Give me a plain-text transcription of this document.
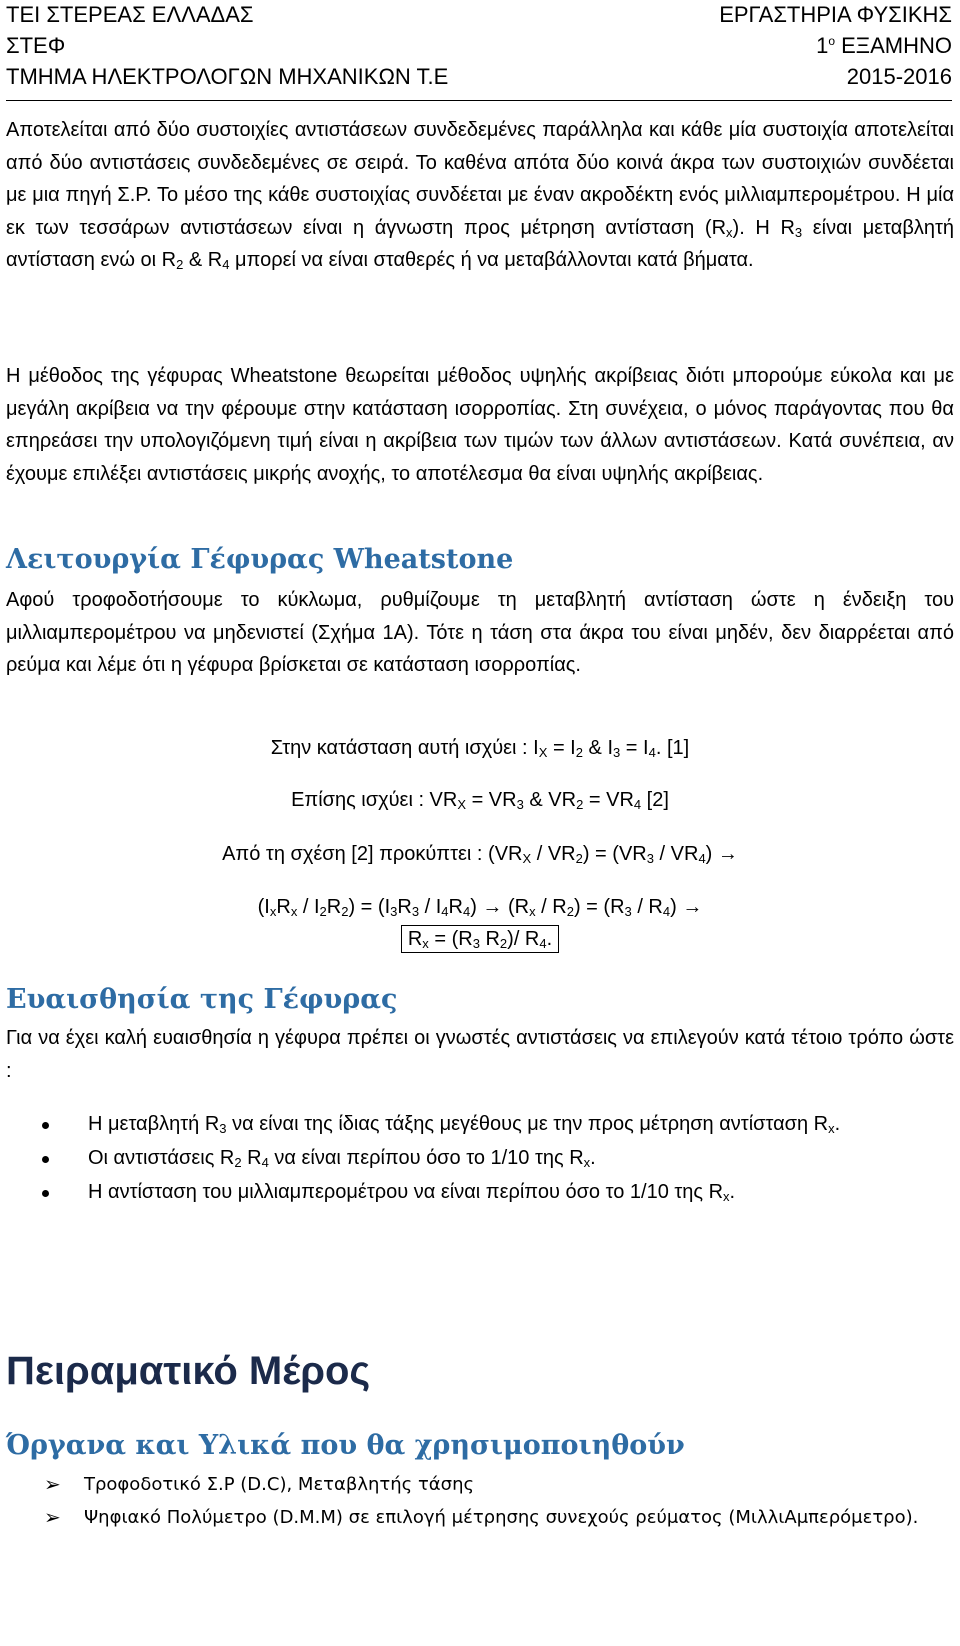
ΤΕΙ ΣΤΕΡΕΑΣ ΕΛΛΑΔΑΣ	ΕΡΓΑΣΤΗΡΙΑ ΦΥΣΙΚΗΣ
ΣΤΕΦ	$1^o$ ΕΞΑΜΗΝΟ
ΤΜΗΜΑ ΗΛΕΚΤΡΟΛΟΓΩΝ ΜΗΧΑΝΙΚΩΝ Τ.Ε	2015-2016

Αποτελείται από δύο συστοιχίες αντιστάσεων συνδεδεμένες παράλληλα και κάθε μία συστοιχία αποτελείται από δύο αντιστάσεις συνδεδεμένες σε σειρά. Το καθένα απότα δύο κοινά άκρα των συστοιχιών συνδέεται με μια πηγή Σ.Ρ. Το μέσο της κάθε συστοιχίας συνδέεται με έναν ακροδέκτη ενός μιλλιαμπερομέτρου. Η μία εκ των τεσσάρων αντιστάσεων είναι η άγνωστη προς μέτρηση αντίσταση $(R_x)$. H $R_3$ είναι μεταβλητή αντίσταση ενώ οι $R_2$ & $R_4$ μπορεί να είναι σταθερές ή να μεταβάλλονται κατά βήματα.

Η μέθοδος της γέφυρας Wheatstone θεωρείται μέθοδος υψηλής ακρίβειας διότι μπορούμε εύκολα και με μεγάλη ακρίβεια να την φέρουμε στην κατάσταση ισορροπίας. Στη συνέχεια, ο μόνος παράγοντας που θα επηρεάσει την υπολογιζόμενη τιμή είναι η ακρίβεια των τιμών των άλλων αντιστάσεων. Κατά συνέπεια, αν έχουμε επιλέξει αντιστάσεις μικρής ανοχής, το αποτέλεσμα θα είναι υψηλής ακρίβειας.

Λειτουργία Γέφυρας Wheatstone

Αφού τροφοδοτήσουμε το κύκλωμα, ρυθμίζουμε τη μεταβλητή αντίσταση ώστε η ένδειξη του μιλλιαμπερομέτρου να μηδενιστεί (Σχήμα 1Α). Τότε η τάση στα άκρα του είναι μηδέν, δεν διαρρέεται από ρεύμα και λέμε ότι η γέφυρα βρίσκεται σε κατάσταση ισορροπίας.

Στην κατάσταση αυτή ισχύει : $I_X = I_2$ & $I_3 = I_4$. [1]
Επίσης ισχύει : $VR_X = VR_3$ & $VR_2 = VR_4$ [2]
Από τη σχέση [2] προκύπτει : $(VR_X / VR_2) = (VR_3 / VR_4)$ →
$(I_xR_x / I_2R_2) = (I_3R_3 / I_4R_4) \to (R_x / R_2) = (R_3 / R_4)$ →
$R_x = (R_3$ $R_2)/$ $R_4$.
Ευαισθησία της Γέφυρας

Για να έχει καλή ευαισθησία η γέφυρα πρέπει οι γνωστές αντιστάσεις να επιλεγούν κατά τέτοιο τρόπο ώστε :

Η μεταβλητή $R_3$ να είναι της ίδιας τάξης μεγέθους με την προς μέτρηση αντίσταση $R_x$.
Οι αντιστάσεις $R_2$ $R_4$ να είναι περίπου όσο το 1/10 της $R_x$.
Η αντίσταση του μιλλιαμπερομέτρου να είναι περίπου όσο το 1/10 της $R_x$.
Πειραματικό Μέρος
Όργανα και Υλικά που θα χρησιμοποιηθούν
➢ Τροφοδοτικό Σ.Ρ (D.C), Μεταβλητής τάσης
➢ Ψηφιακό Πολύμετρο (D.M.M) σε επιλογή μέτρησης συνεχούς ρεύματος (ΜιλλιΑμπερόμετρο).
